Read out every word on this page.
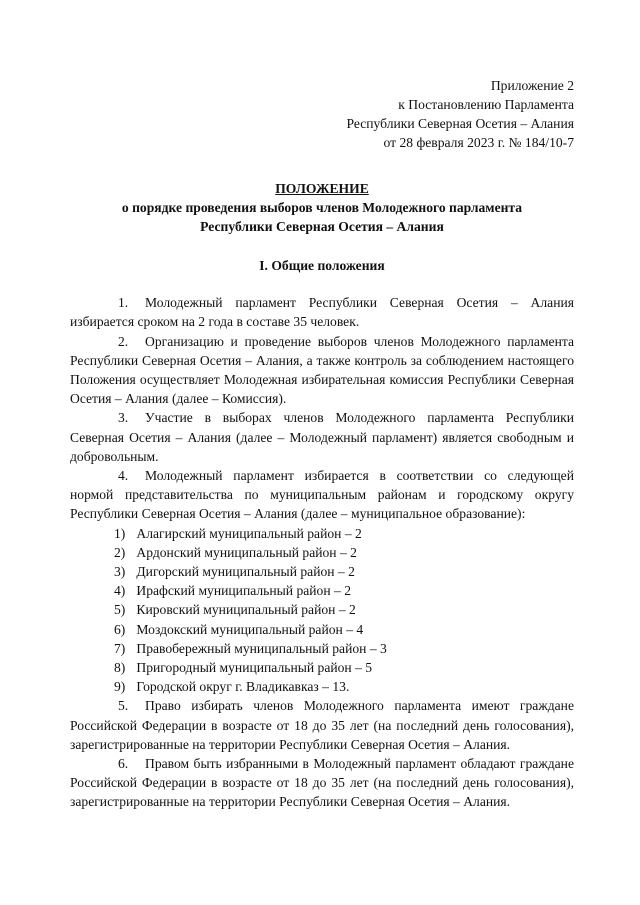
Приложение 2
к Постановлению Парламента
Республики Северная Осетия – Алания
от 28 февраля 2023 г. № 184/10-7
ПОЛОЖЕНИЕ
о порядке проведения выборов членов Молодежного парламента
Республики Северная Осетия – Алания
I. Общие положения

1. Молодежный парламент Республики Северная Осетия – Алания избирается сроком на 2 года в составе 35 человек.

2. Организацию и проведение выборов членов Молодежного парламента Республики Северная Осетия – Алания, а также контроль за соблюдением настоящего Положения осуществляет Молодежная избирательная комиссия Республики Северная Осетия – Алания (далее – Комиссия).

3. Участие в выборах членов Молодежного парламента Республики Северная Осетия – Алания (далее – Молодежный парламент) является свободным и добровольным.

4. Молодежный парламент избирается в соответствии со следующей нормой представительства по муниципальным районам и городскому округу Республики Северная Осетия – Алания (далее – муниципальное образование):

1) Алагирский муниципальный район – 2
2) Ардонский муниципальный район – 2
3) Дигорский муниципальный район – 2
4) Ирафский муниципальный район – 2
5) Кировский муниципальный район – 2
6) Моздокский муниципальный район – 4
7) Правобережный муниципальный район – 3
8) Пригородный муниципальный район – 5
9) Городской округ г. Владикавказ – 13.

5. Право избирать членов Молодежного парламента имеют граждане Российской Федерации в возрасте от 18 до 35 лет (на последний день голосования), зарегистрированные на территории Республики Северная Осетия – Алания.

6. Правом быть избранными в Молодежный парламент обладают граждане Российской Федерации в возрасте от 18 до 35 лет (на последний день голосования), зарегистрированные на территории Республики Северная Осетия – Алания.
